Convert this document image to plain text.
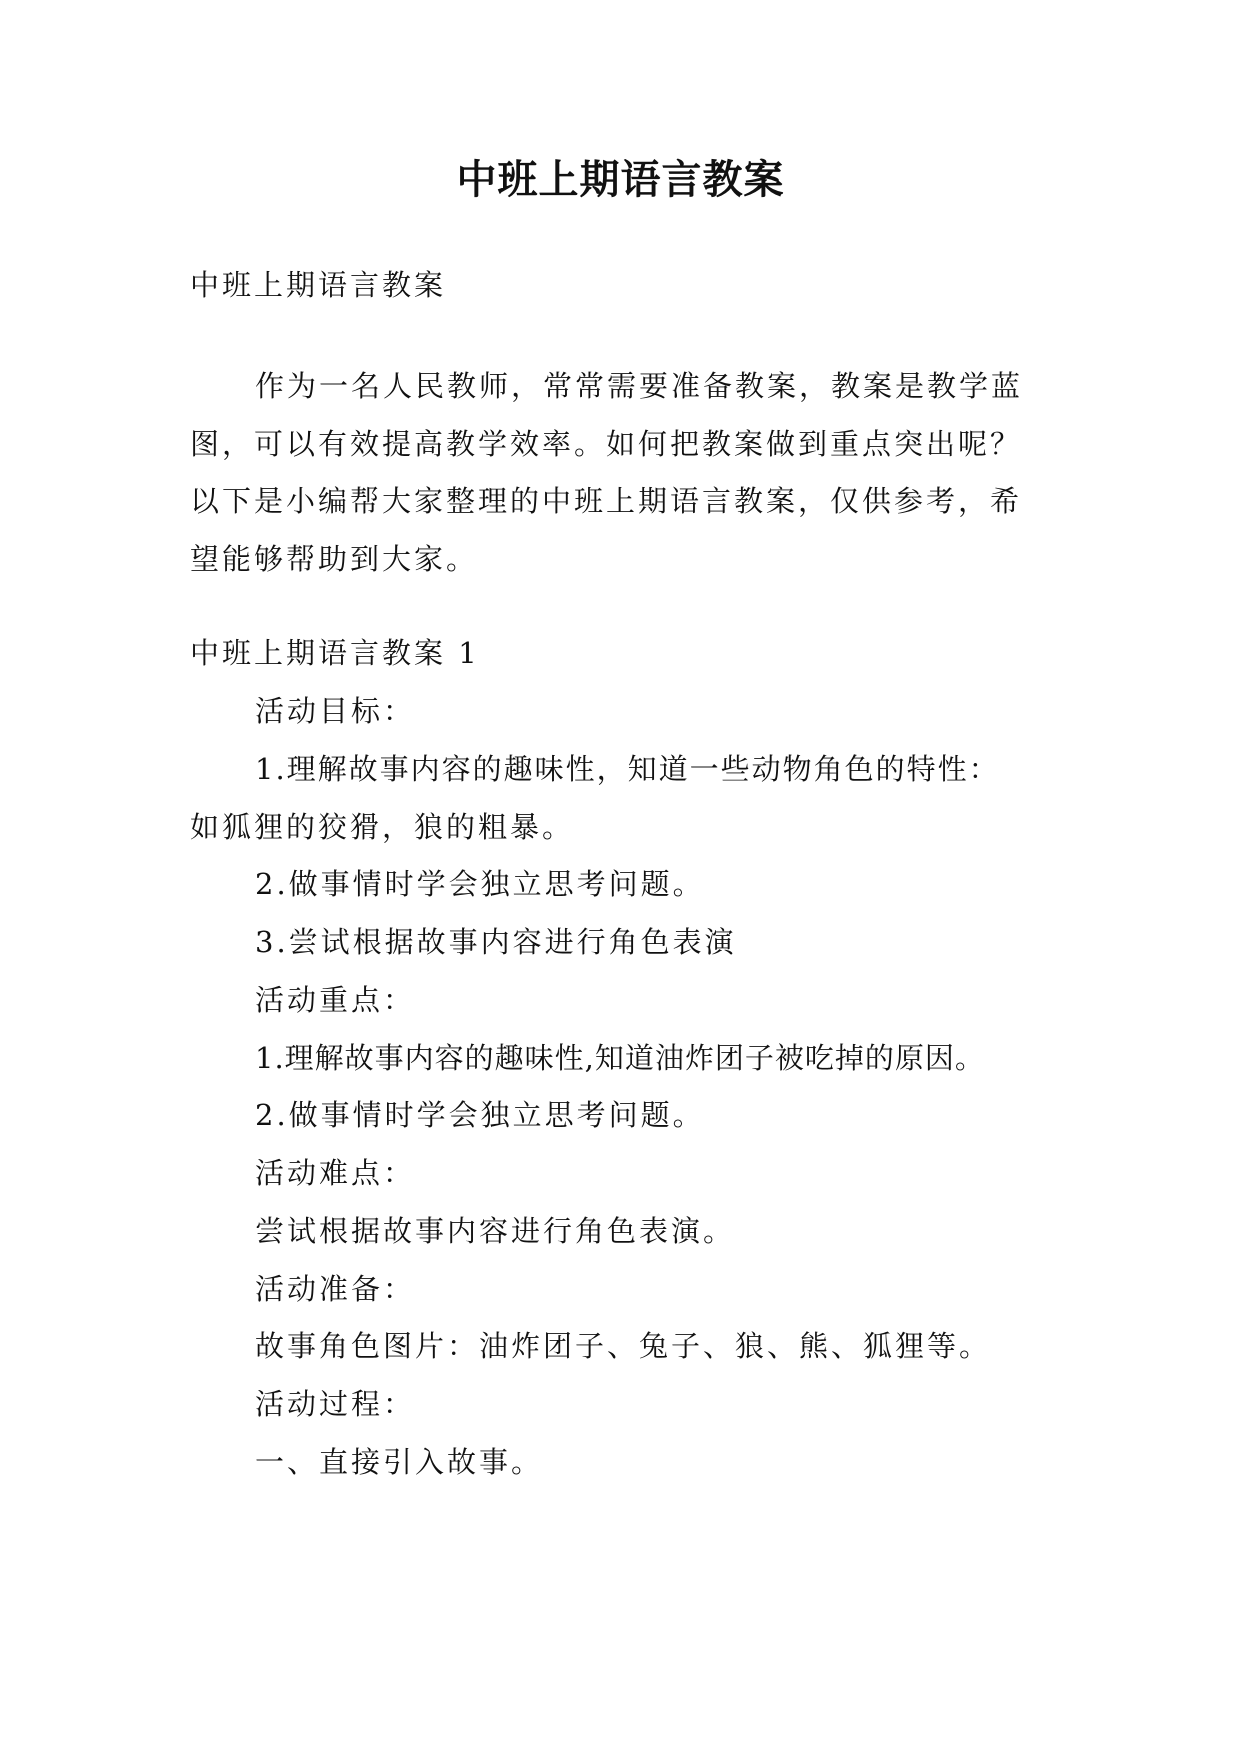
中班上期语言教案
中班上期语言教案
作为一名人民教师，常常需要准备教案，教案是教学蓝
图，可以有效提高教学效率。如何把教案做到重点突出呢？
以下是小编帮大家整理的中班上期语言教案，仅供参考，希
望能够帮助到大家。
中班上期语言教案 1
活动目标：
1.理解故事内容的趣味性，知道一些动物角色的特性：
如狐狸的狡猾，狼的粗暴。
2.做事情时学会独立思考问题。
3.尝试根据故事内容进行角色表演
活动重点：
1.理解故事内容的趣味性,知道油炸团子被吃掉的原因。
2.做事情时学会独立思考问题。
活动难点：
尝试根据故事内容进行角色表演。
活动准备：
故事角色图片：油炸团子、兔子、狼、熊、狐狸等。
活动过程：
一、直接引入故事。
